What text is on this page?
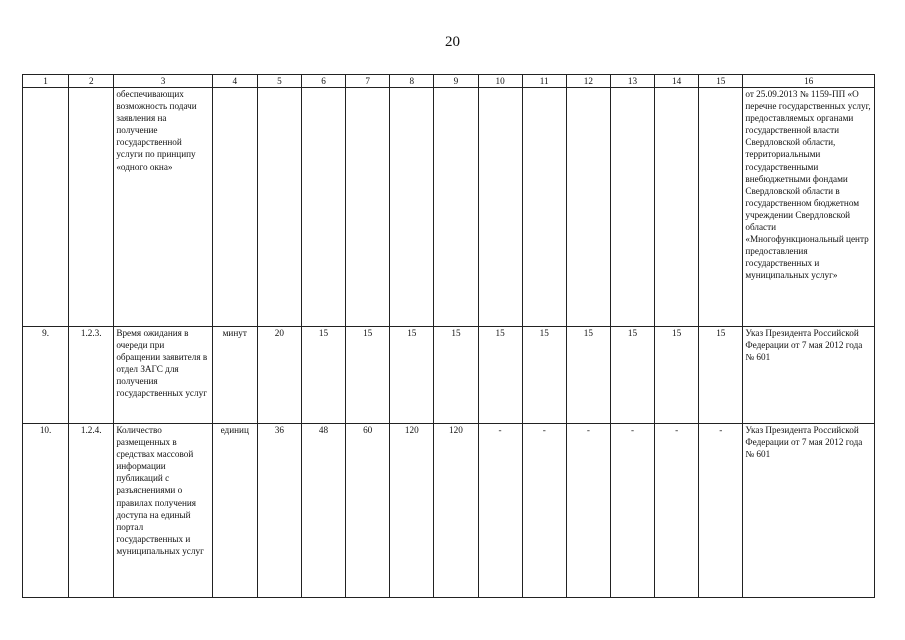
20
1	2	3	4	5	6	7	8	9	10	11	12	13	14	15	16
		обеспечивающих возможность подачи заявления на получение государственной услуги по принципу «одного окна»													от 25.09.2013 № 1159-ПП «О перечне государственных услуг, предоставляемых органами государственной власти Свердловской области, территориальными государственными внебюджетными фондами Свердловской области в государственном бюджетном учреждении Свердловской области «Многофункциональный центр предоставления государственных и муниципальных услуг»
9.	1.2.3.	Время ожидания в очереди при обращении заявителя в отдел ЗАГС для получения государственных услуг	минут	20	15	15	15	15	15	15	15	15	15	15	Указ Президента Российской Федерации от 7 мая 2012 года № 601
10.	1.2.4.	Количество размещенных в средствах массовой информации публикаций с разъяснениями о правилах получения доступа на единый портал государственных и муниципальных услуг	единиц	36	48	60	120	120	-	-	-	-	-	-	Указ Президента Российской Федерации от 7 мая 2012 года № 601
